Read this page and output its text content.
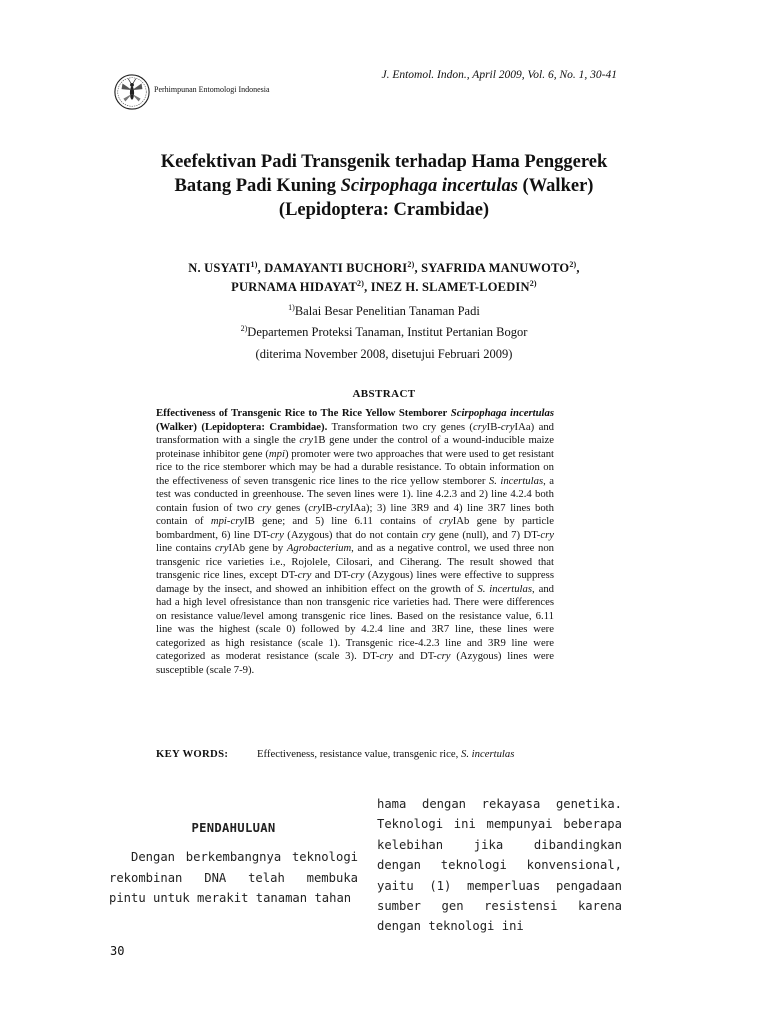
Perhimpunan Entomologi Indonesia
J. Entomol. Indon., April 2009, Vol. 6, No. 1, 30-41
Keefektivan Padi Transgenik terhadap Hama Penggerek
Batang Padi Kuning Scirpophaga incertulas (Walker)
(Lepidoptera: Crambidae)
N. USYATI$^{1)}$, DAMAYANTI BUCHORI$^{2)}$, SYAFRIDA MANUWOTO$^{2)}$,
PURNAMA HIDAYAT$^{2)}$, INEZ H. SLAMET-LOEDIN$^{2)}$
$^{1)}$Balai Besar Penelitian Tanaman Padi
$^{2)}$Departemen Proteksi Tanaman, Institut Pertanian Bogor
(diterima November 2008, disetujui Februari 2009)
ABSTRACT
Effectiveness of Transgenic Rice to The Rice Yellow Stemborer Scirpophaga incertulas (Walker) (Lepidoptera: Crambidae). Transformation two cry genes (cryIB-cryIAa) and transformation with a single the cry1B gene under the control of a wound-inducible maize proteinase inhibitor gene (mpi) promoter were two approaches that were used to get resistant rice to the rice stemborer which may be had a durable resistance. To obtain information on the effectiveness of seven transgenic rice lines to the rice yellow stemborer S. incertulas, a test was conducted in greenhouse. The seven lines were 1). line 4.2.3 and 2) line 4.2.4 both contain fusion of two cry genes (cryIB-cryIAa); 3) line 3R9 and 4) line 3R7 lines both contain of mpi-cryIB gene; and 5) line 6.11 contains of cryIAb gene by particle bombardment, 6) line DT-cry (Azygous) that do not contain cry gene (null), and 7) DT-cry line contains cryIAb gene by Agrobacterium, and as a negative control, we used three non transgenic rice varieties i.e., Rojolele, Cilosari, and Ciherang. The result showed that transgenic rice lines, except DT-cry and DT-cry (Azygous) lines were effective to suppress damage by the insect, and showed an inhibition effect on the growth of S. incertulas, and had a high level ofresistance than non transgenic rice varieties had. There were differences on resistance value/level among transgenic rice lines. Based on the resistance value, 6.11 line was the highest (scale 0) followed by 4.2.4 line and 3R7 line, these lines were categorized as high resistance (scale 1). Transgenic rice-4.2.3 line and 3R9 line were categorized as moderat resistance (scale 3). DT-cry and DT-cry (Azygous) lines were susceptible (scale 7-9).
KEY WORDS:	Effectiveness, resistance value, transgenic rice, S. incertulas
PENDAHULUAN

Dengan berkembangnya teknologi rekombinan DNA telah membuka pintu untuk merakit tanaman tahan

hama dengan rekayasa genetika. Teknologi ini mempunyai beberapa kelebihan jika dibandingkan dengan teknologi konvensional, yaitu (1) memperluas pengadaan sumber gen resistensi karena dengan teknologi ini
30
